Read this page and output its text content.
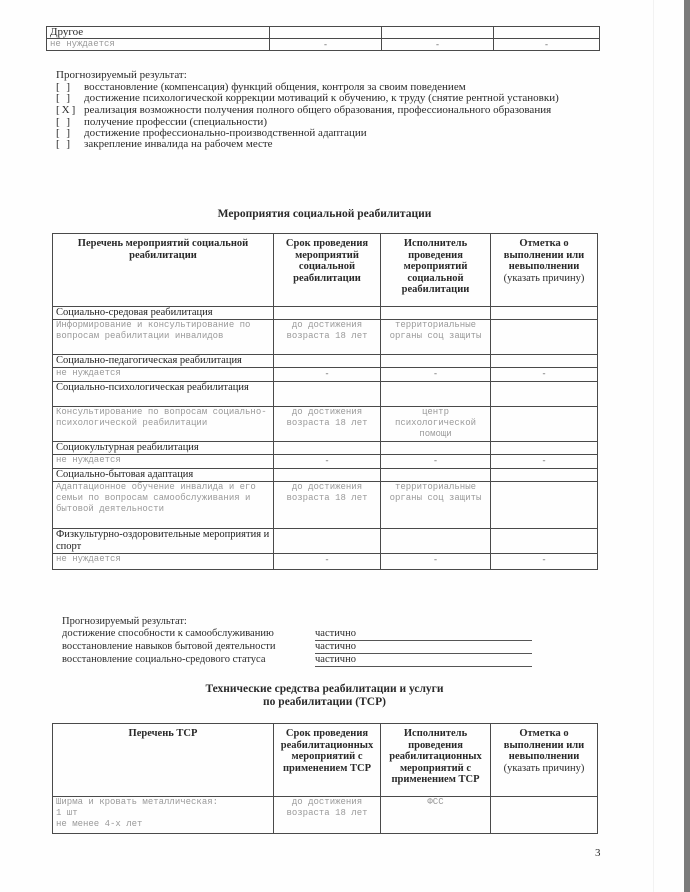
Другое			
не нуждается	-	-	-
Прогнозируемый результат:
[ ]	восстановление (компенсация) функций общения, контроля за своим поведением
[ ]	достижение психологической коррекции мотиваций к обучению, к труду (снятие рентной установки)
[X] реализация возможности получения полного общего образования, профессионального образования
[ ]	получение профессии (специальности)
[ ]	достижение профессионально-производственной адаптации
[ ]	закрепление инвалида на рабочем месте
Мероприятия социальной реабилитации
Перечень мероприятий социальной реабилитации	Срок проведения мероприятий социальной реабилитации	Исполнитель проведения мероприятий социальной реабилитации	Отметка о выполнении или невыполнении (указать причину)
Социально-средовая реабилитация			
Информирование и консультирование по вопросам реабилитации инвалидов	до достижения возраста 18 лет	территориальные органы соц защиты	
Социально-педагогическая реабилитация			
не нуждается	-	-	-
Социально-психологическая реабилитация			
Консультирование по вопросам социально-психологической реабилитации	до достижения возраста 18 лет	центр психологической помощи	
Социокультурная реабилитация			
не нуждается	-	-	-
Социально-бытовая адаптация			
Адаптационное обучение инвалида и его семьи по вопросам самообслуживания и бытовой деятельности	до достижения возраста 18 лет	территориальные органы соц защиты	
Физкультурно-оздоровительные мероприятия и спорт			
не нуждается	-	-	-
Прогнозируемый результат:
достижение способности к самообслуживанию	частично
восстановление навыков бытовой деятельности	частично
восстановление социально-средового статуса	частично
Технические средства реабилитации и услуги
по реабилитации (ТСР)
Перечень ТСР	Срок проведения реабилитационных мероприятий с применением ТСР	Исполнитель проведения реабилитационных мероприятий с применением ТСР	Отметка о выполнении или невыполнении (указать причину)

Ширма и кровать металлическая:
1 шт
не менее 4-х лет	до достижения возраста 18 лет	ФСС	
3
